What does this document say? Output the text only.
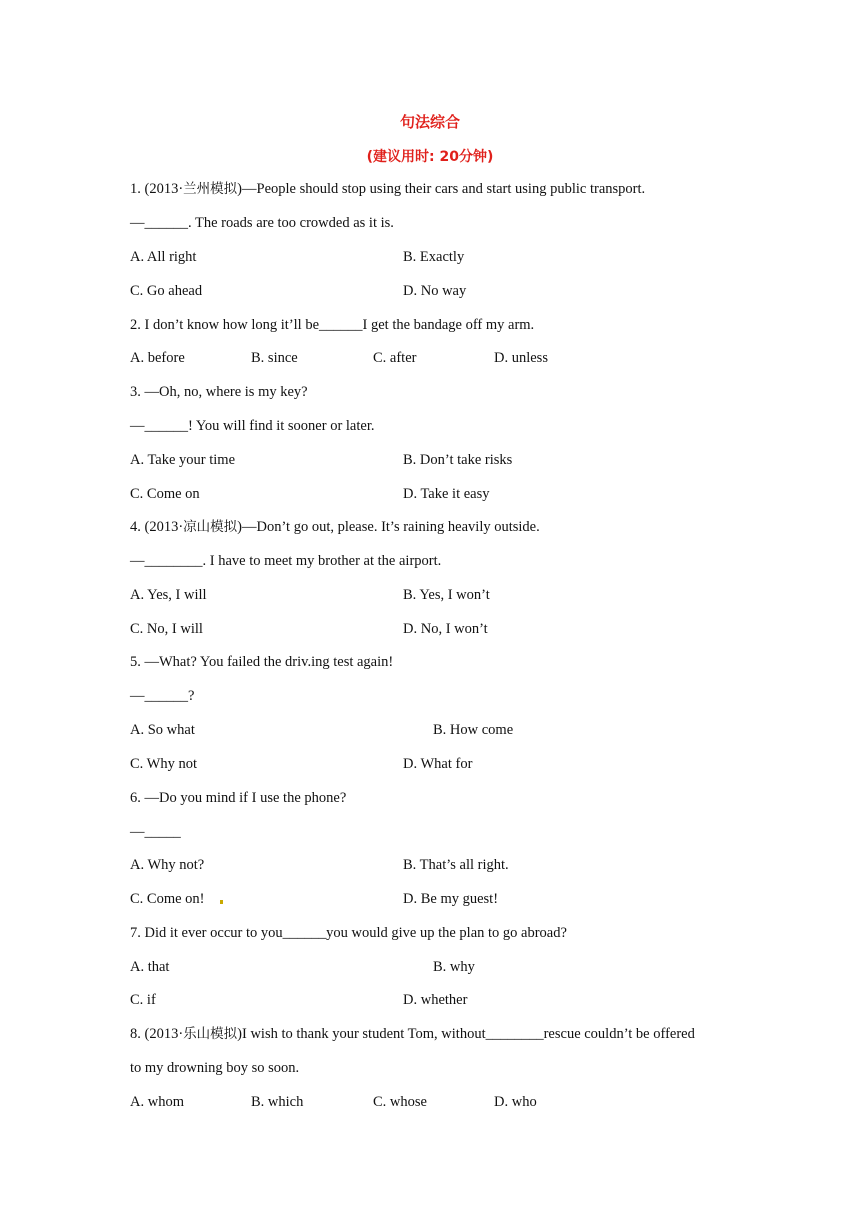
句法综合
(建议用时: 20分钟)
1. (2013·兰州模拟)—People should stop using their cars and start using public transport.
—______. The roads are too crowded as it is.
A. All right	B. Exactly
C. Go ahead	D. No way
2. I don’t know how long it’ll be______I get the bandage off my arm.
A. before	B. since	C. after	D. unless
3. —Oh, no, where is my key?
—______! You will find it sooner or later.
A. Take your time	B. Don’t take risks
C. Come on	D. Take it easy
4. (2013·凉山模拟)—Don’t go out, please. It’s raining heavily outside.
—________. I have to meet my brother at the airport.
A. Yes, I will	B. Yes, I won’t
C. No, I will	D. No, I won’t
5. —What? You failed the driv.ing test again!
—______?
A. So what	B. How come
C. Why not	D. What for
6. —Do you mind if I use the phone?
—_____
A. Why not?	B. That’s all right.
C. Come on!	D. Be my guest!
7. Did it ever occur to you______you would give up the plan to go abroad?
A. that	B. why
C. if	D. whether
8. (2013·乐山模拟)I wish to thank your student Tom, without________rescue couldn’t be offered
to my drowning boy so soon.
A. whom	B. which	C. whose	D. who
